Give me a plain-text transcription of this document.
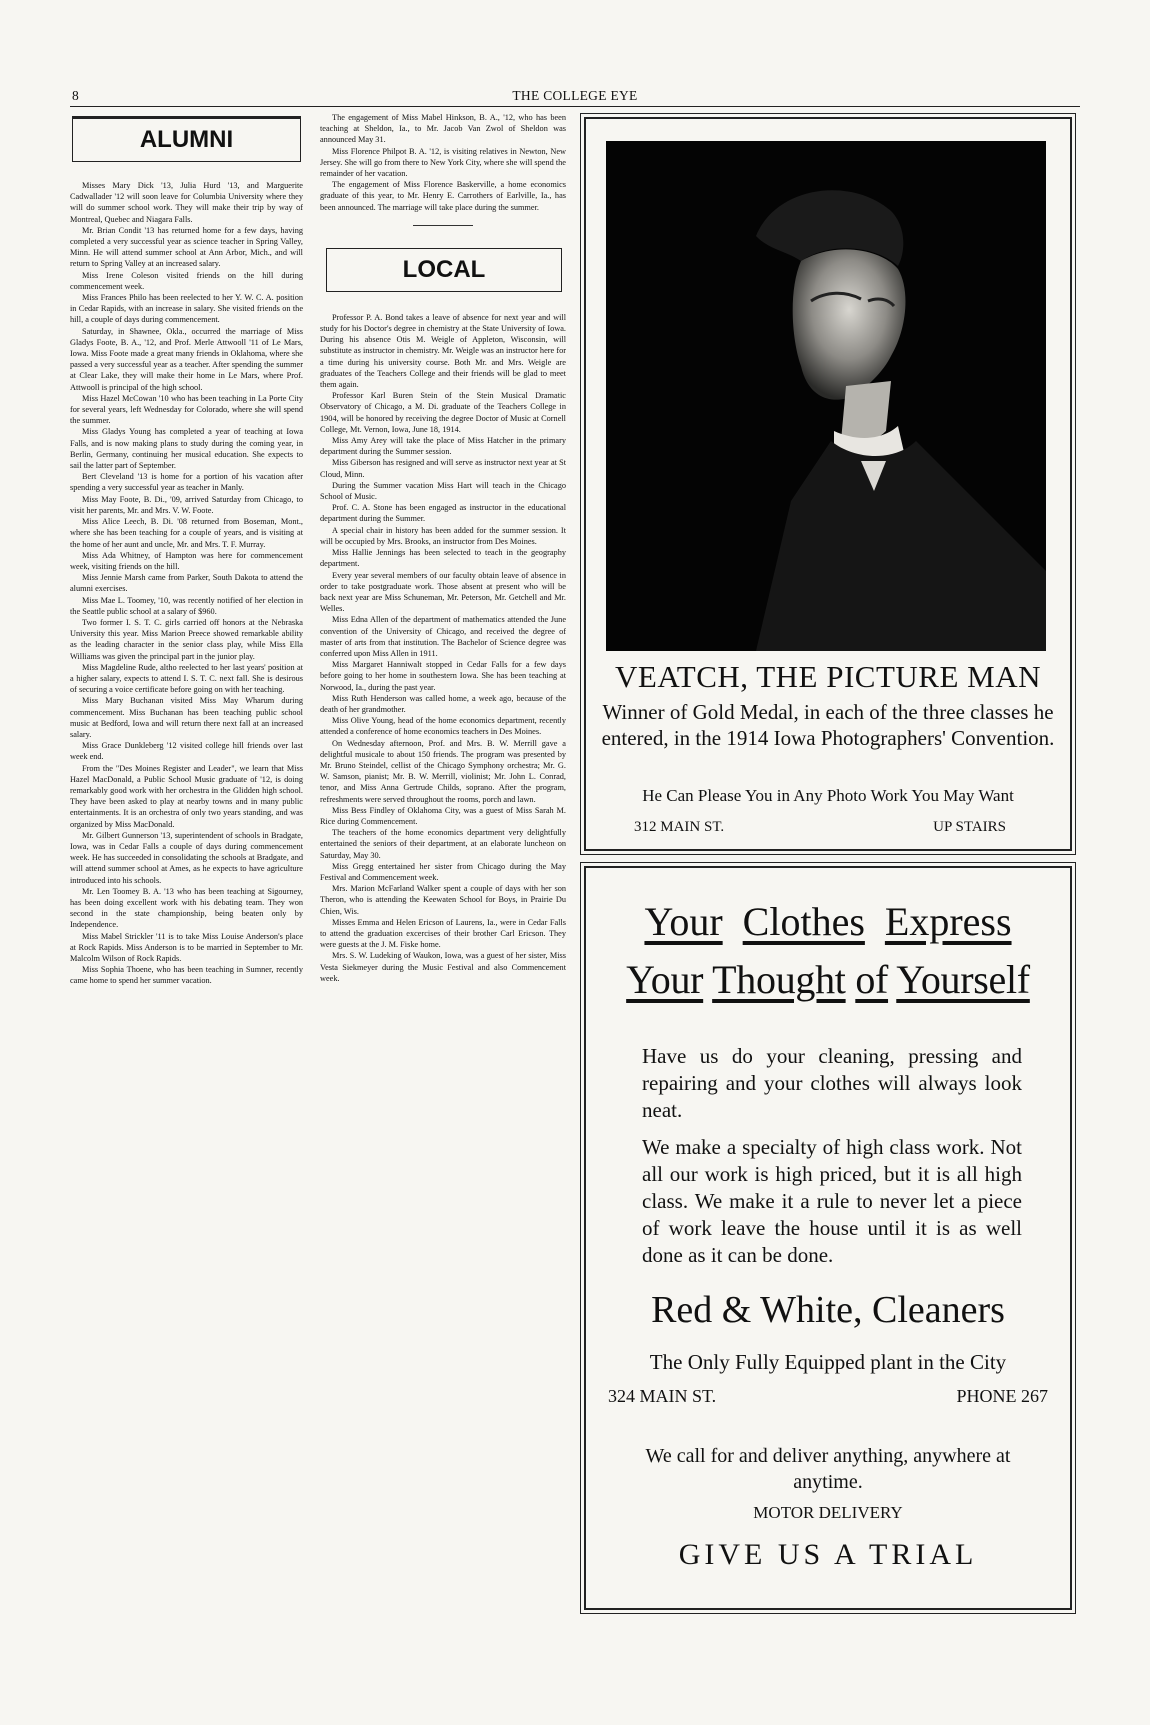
8	THE COLLEGE EYE
ALUMNI

Misses Mary Dick '13, Julia Hurd '13, and Marguerite Cadwallader '12 will soon leave for Columbia University where they will do summer school work. They will make their trip by way of Montreal, Quebec and Niagara Falls.

Mr. Brian Condit '13 has returned home for a few days, having completed a very successful year as science teacher in Spring Valley, Minn. He will attend summer school at Ann Arbor, Mich., and will return to Spring Valley at an increased salary.

Miss Irene Coleson visited friends on the hill during commencement week.

Miss Frances Philo has been reelected to her Y. W. C. A. position in Cedar Rapids, with an increase in salary. She visited friends on the hill, a couple of days during commencement.

Saturday, in Shawnee, Okla., occurred the marriage of Miss Gladys Foote, B. A., '12, and Prof. Merle Attwooll '11 of Le Mars, Iowa. Miss Foote made a great many friends in Oklahoma, where she passed a very successful year as a teacher. After spending the summer at Clear Lake, they will make their home in Le Mars, where Prof. Attwooll is principal of the high school.

Miss Hazel McCowan '10 who has been teaching in La Porte City for several years, left Wednesday for Colorado, where she will spend the summer.

Miss Gladys Young has completed a year of teaching at Iowa Falls, and is now making plans to study during the coming year, in Berlin, Germany, continuing her musical education. She expects to sail the latter part of September.

Bert Cleveland '13 is home for a portion of his vacation after spending a very successful year as teacher in Manly.

Miss May Foote, B. Di., '09, arrived Saturday from Chicago, to visit her parents, Mr. and Mrs. V. W. Foote.

Miss Alice Leech, B. Di. '08 returned from Boseman, Mont., where she has been teaching for a couple of years, and is visiting at the home of her aunt and uncle, Mr. and Mrs. T. F. Murray.

Miss Ada Whitney, of Hampton was here for commencement week, visiting friends on the hill.

Miss Jennie Marsh came from Parker, South Dakota to attend the alumni exercises.

Miss Mae L. Toomey, '10, was recently notified of her election in the Seattle public school at a salary of $960.

Two former I. S. T. C. girls carried off honors at the Nebraska University this year. Miss Marion Preece showed remarkable ability as the leading character in the senior class play, while Miss Ella Williams was given the principal part in the junior play.

Miss Magdeline Rude, altho reelected to her last years' position at a higher salary, expects to attend I. S. T. C. next fall. She is desirous of securing a voice certificate before going on with her teaching.

Miss Mary Buchanan visited Miss May Wharum during commencement. Miss Buchanan has been teaching public school music at Bedford, Iowa and will return there next fall at an increased salary.

Miss Grace Dunkleberg '12 visited college hill friends over last week end.

From the "Des Moines Register and Leader", we learn that Miss Hazel MacDonald, a Public School Music graduate of '12, is doing remarkably good work with her orchestra in the Glidden high school. They have been asked to play at nearby towns and in many public entertainments. It is an orchestra of only two years standing, and was organized by Miss MacDonald.

Mr. Gilbert Gunnerson '13, superintendent of schools in Bradgate, Iowa, was in Cedar Falls a couple of days during commencement week. He has succeeded in consolidating the schools at Bradgate, and will attend summer school at Ames, as he expects to have agriculture introduced into his schools.

Mr. Len Toomey B. A. '13 who has been teaching at Sigourney, has been doing excellent work with his debating team. They won second in the state championship, being beaten only by Independence.

Miss Mabel Strickler '11 is to take Miss Louise Anderson's place at Rock Rapids. Miss Anderson is to be married in September to Mr. Malcolm Wilson of Rock Rapids.

Miss Sophia Thoene, who has been teaching in Sumner, recently came home to spend her summer vacation.

The engagement of Miss Mabel Hinkson, B. A., '12, who has been teaching at Sheldon, Ia., to Mr. Jacob Van Zwol of Sheldon was announced May 31.

Miss Florence Philpot B. A. '12, is visiting relatives in Newton, New Jersey. She will go from there to New York City, where she will spend the remainder of her vacation.

The engagement of Miss Florence Baskerville, a home economics graduate of this year, to Mr. Henry E. Carrothers of Earlville, Ia., has been announced. The marriage will take place during the summer.

LOCAL

Professor P. A. Bond takes a leave of absence for next year and will study for his Doctor's degree in chemistry at the State University of Iowa. During his absence Otis M. Weigle of Appleton, Wisconsin, will substitute as instructor in chemistry. Mr. Weigle was an instructor here for a time during his university course. Both Mr. and Mrs. Weigle are graduates of the Teachers College and their friends will be glad to meet them again.

Professor Karl Buren Stein of the Stein Musical Dramatic Observatory of Chicago, a M. Di. graduate of the Teachers College in 1904, will be honored by receiving the degree Doctor of Music at Cornell College, Mt. Vernon, Iowa, June 18, 1914.

Miss Amy Arey will take the place of Miss Hatcher in the primary department during the Summer session.

Miss Giberson has resigned and will serve as instructor next year at St Cloud, Minn.

During the Summer vacation Miss Hart will teach in the Chicago School of Music.

Prof. C. A. Stone has been engaged as instructor in the educational department during the Summer.

A special chair in history has been added for the summer session. It will be occupied by Mrs. Brooks, an instructor from Des Moines.

Miss Hallie Jennings has been selected to teach in the geography department.

Every year several members of our faculty obtain leave of absence in order to take postgraduate work. Those absent at present who will be back next year are Miss Schuneman, Mr. Peterson, Mr. Getchell and Mr. Welles.

Miss Edna Allen of the department of mathematics attended the June convention of the University of Chicago, and received the degree of master of arts from that institution. The Bachelor of Science degree was conferred upon Miss Allen in 1911.

Miss Margaret Hanniwalt stopped in Cedar Falls for a few days before going to her home in southestern Iowa. She has been teaching at Norwood, Ia., during the past year.

Miss Ruth Henderson was called home, a week ago, because of the death of her grandmother.

Miss Olive Young, head of the home economics department, recently attended a conference of home economics teachers in Des Moines.

On Wednesday afternoon, Prof. and Mrs. B. W. Merrill gave a delightful musicale to about 150 friends. The program was presented by Mr. Bruno Steindel, cellist of the Chicago Symphony orchestra; Mr. G. W. Samson, pianist; Mr. B. W. Merrill, violinist; Mr. John L. Conrad, tenor, and Miss Anna Gertrude Childs, soprano. After the program, refreshments were served throughout the rooms, porch and lawn.

Miss Bess Findley of Oklahoma City, was a guest of Miss Sarah M. Rice during Commencement.

The teachers of the home economics department very delightfully entertained the seniors of their department, at an elaborate luncheon on Saturday, May 30.

Miss Gregg entertained her sister from Chicago during the May Festival and Commencement week.

Mrs. Marion McFarland Walker spent a couple of days with her son Theron, who is attending the Keewaten School for Boys, in Prairie Du Chien, Wis.

Misses Emma and Helen Ericson of Laurens, Ia., were in Cedar Falls to attend the graduation excercises of their brother Carl Ericson. They were guests at the J. M. Fiske home.

Mrs. S. W. Ludeking of Waukon, Iowa, was a guest of her sister, Miss Vesta Siekmeyer during the Music Festival and also Commencement week.

VEATCH, THE PICTURE MAN
Winner of Gold Medal, in each of the three classes he entered, in the 1914 Iowa Photographers' Convention.
He Can Please You in Any Photo Work You May Want
312 MAIN ST.	UP STAIRS
Your Clothes Express
Your Thought of Yourself
Have us do your cleaning, pressing and repairing and your clothes will always look neat.
We make a specialty of high class work. Not all our work is high priced, but it is all high class. We make it a rule to never let a piece of work leave the house until it is as well done as it can be done.
Red & White, Cleaners
The Only Fully Equipped plant in the City
324 MAIN ST.	PHONE 267
We call for and deliver anything, anywhere at anytime.
MOTOR DELIVERY
GIVE US A TRIAL
